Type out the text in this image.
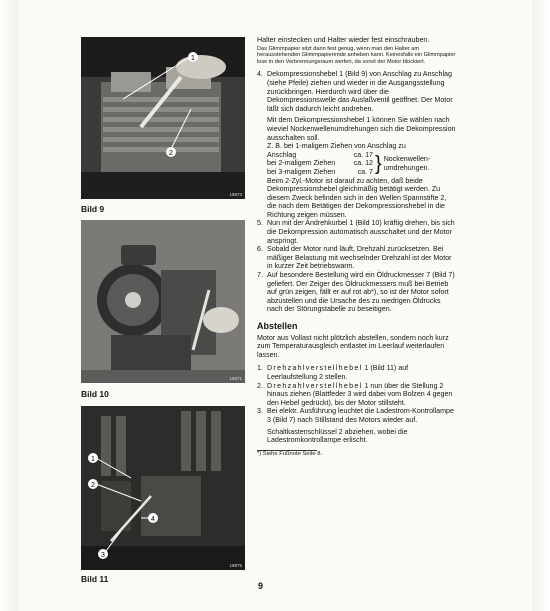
1
2
18873
Bild 9
16871
Bild 10
1
2
4
3
18875
Bild 11

Halter einstecken und Halter wieder fest einschrauben.

Das Glimmpapier sitzt dann fest genug, wenn man den Halter am herausstehenden Glimmpapierende anheben kann. Keinesfalls ein Glimmpapier lose in den Verbrennungsraum werfen, da sonst der Motor blockiert.

4. Dekompressionshebel 1 (Bild 9) von Anschlag zu Anschlag (siehe Pfeile) ziehen und wieder in die Ausgangsstellung zurückbringen. Hierdurch wird über die Dekompressionswelle das Auslaßventil geöffnet. Der Motor läßt sich dadurch leicht andrehen.

Mit dem Dekompressionshebel 1 können Sie wählen nach wieviel Nockenwellenumdrehungen sich die Dekompression ausschalten soll.

Z. B. bei 1-maligem Ziehen von Anschlag zu

Anschlag	ca. 17
bei 2-maligem Ziehen	ca. 12
bei 3-maligem Ziehen	ca. 7 } Nockenwellen-umdrehungen.

Beim 2-Zyl.-Motor ist darauf zu achten, daß beide Dekompressionshebel gleichmäßig betätigt werden. Zu diesem Zweck befinden sich in den Wellen Spannstifte 2, die nach dem Betätigen der Dekompressionshebel in die Richtung zeigen müssen.

5. Nun mit der Andrehkurbel 1 (Bild 10) kräftig drehen, bis sich die Dekompression automatisch ausschaltet und der Motor anspringt.

6. Sobald der Motor rund läuft, Drehzahl zurücksetzen. Bei mäßiger Belastung mit wechselnder Drehzahl ist der Motor in kurzer Zeit betriebswarm.

7. Auf besondere Bestellung wird ein Öldruckmesser 7 (Bild 7) geliefert. Der Zeiger des Öldruckmessers muß bei Betrieb auf grün zeigen, fällt er auf rot ab*), so ist der Motor sofort abzustellen und die Ursache des zu niedrigen Öldrucks nach der Störungstabelle zu beseitigen.

Abstellen

Motor aus Vollast nicht plötzlich abstellen, sondern noch kurz zum Temperaturausgleich entlastet im Leerlauf weiterlaufen lassen.

1. Drehzahlverstellhebel 1 (Bild 11) auf Leerlaufstellung 2 stellen.

2. Drehzahlverstellhebel 1 nun über die Stellung 2 hinaus ziehen (Blattfeder 3 wird dabei vom Bolzen 4 gegen den Hebel gedrückt), bis der Motor stillsteht.

3. Bei elektr. Ausführung leuchtet die Ladestrom-Kontrollampe 3 (Bild 7) nach Stillstand des Motors wieder auf.

Schaltkastenschlüssel 2 abziehen, wobei die Ladestromkontrollampe erlischt.

*) Siehe Fußnote Seite 8.

9
